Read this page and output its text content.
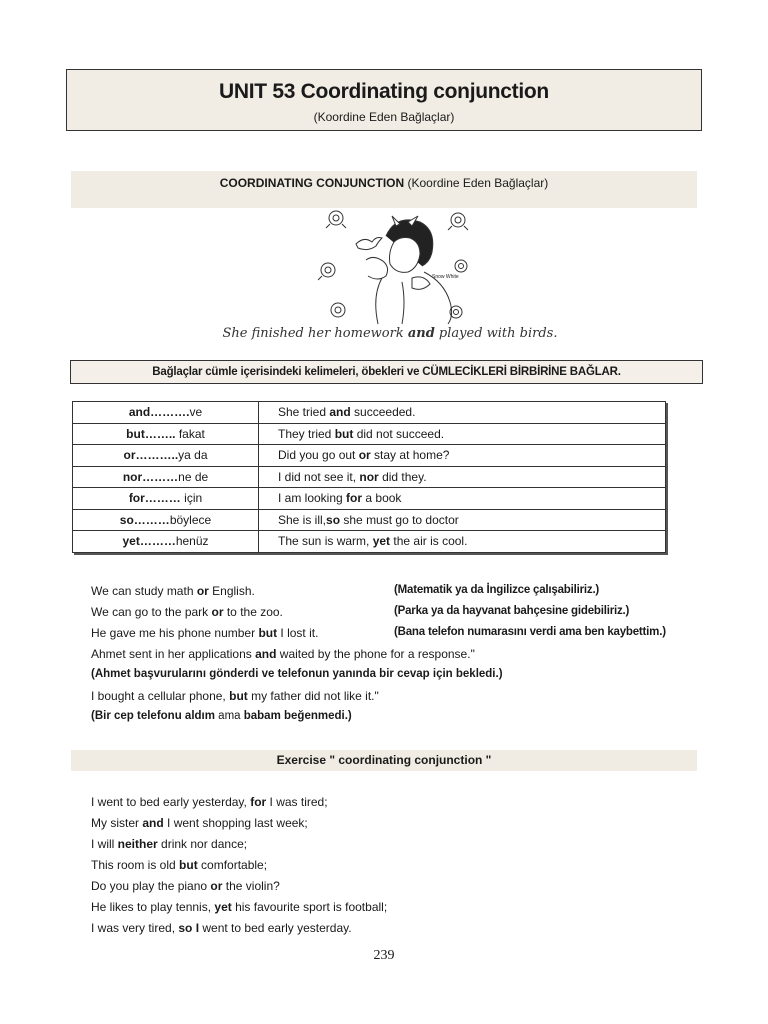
UNIT 53 Coordinating conjunction
(Koordine Eden Bağlaçlar)
COORDINATING CONJUNCTION (Koordine Eden Bağlaçlar)
Snow White
She finished her homework and played with birds.
Bağlaçlar cümle içerisindeki kelimeleri, öbekleri ve CÜMLECİKLERİ BİRBİRİNE BAĞLAR.
and……….ve	She tried and succeeded.
but…….. fakat	They tried but did not succeed.
or………..ya da	Did you go out or stay at home?
nor………ne de	I did not see it, nor did they.
for……… için	I am looking for a book
so………böylece	She is ill,so she must go to doctor
yet………henüz	The sun is warm, yet the air is cool.
We can study math or English.	(Matematik ya da İngilizce çalışabiliriz.)
We can go to the park or to the zoo.	(Parka ya da hayvanat bahçesine gidebiliriz.)
He gave me his phone number but I lost it.	(Bana telefon numarasını verdi ama ben kaybettim.)
Ahmet sent in her applications and waited by the phone for a response."
(Ahmet başvurularını gönderdi ve telefonun yanında bir cevap için bekledi.)
I bought a cellular phone, but my father did not like it."
(Bir cep telefonu aldım ama babam beğenmedi.)
Exercise " coordinating conjunction "
I went to bed early yesterday, for I was tired;
My sister and I went shopping last week;
I will neither drink nor dance;
This room is old but comfortable;
Do you play the piano or the violin?
He likes to play tennis, yet his favourite sport is football;
I was very tired, so I went to bed early yesterday.
239
